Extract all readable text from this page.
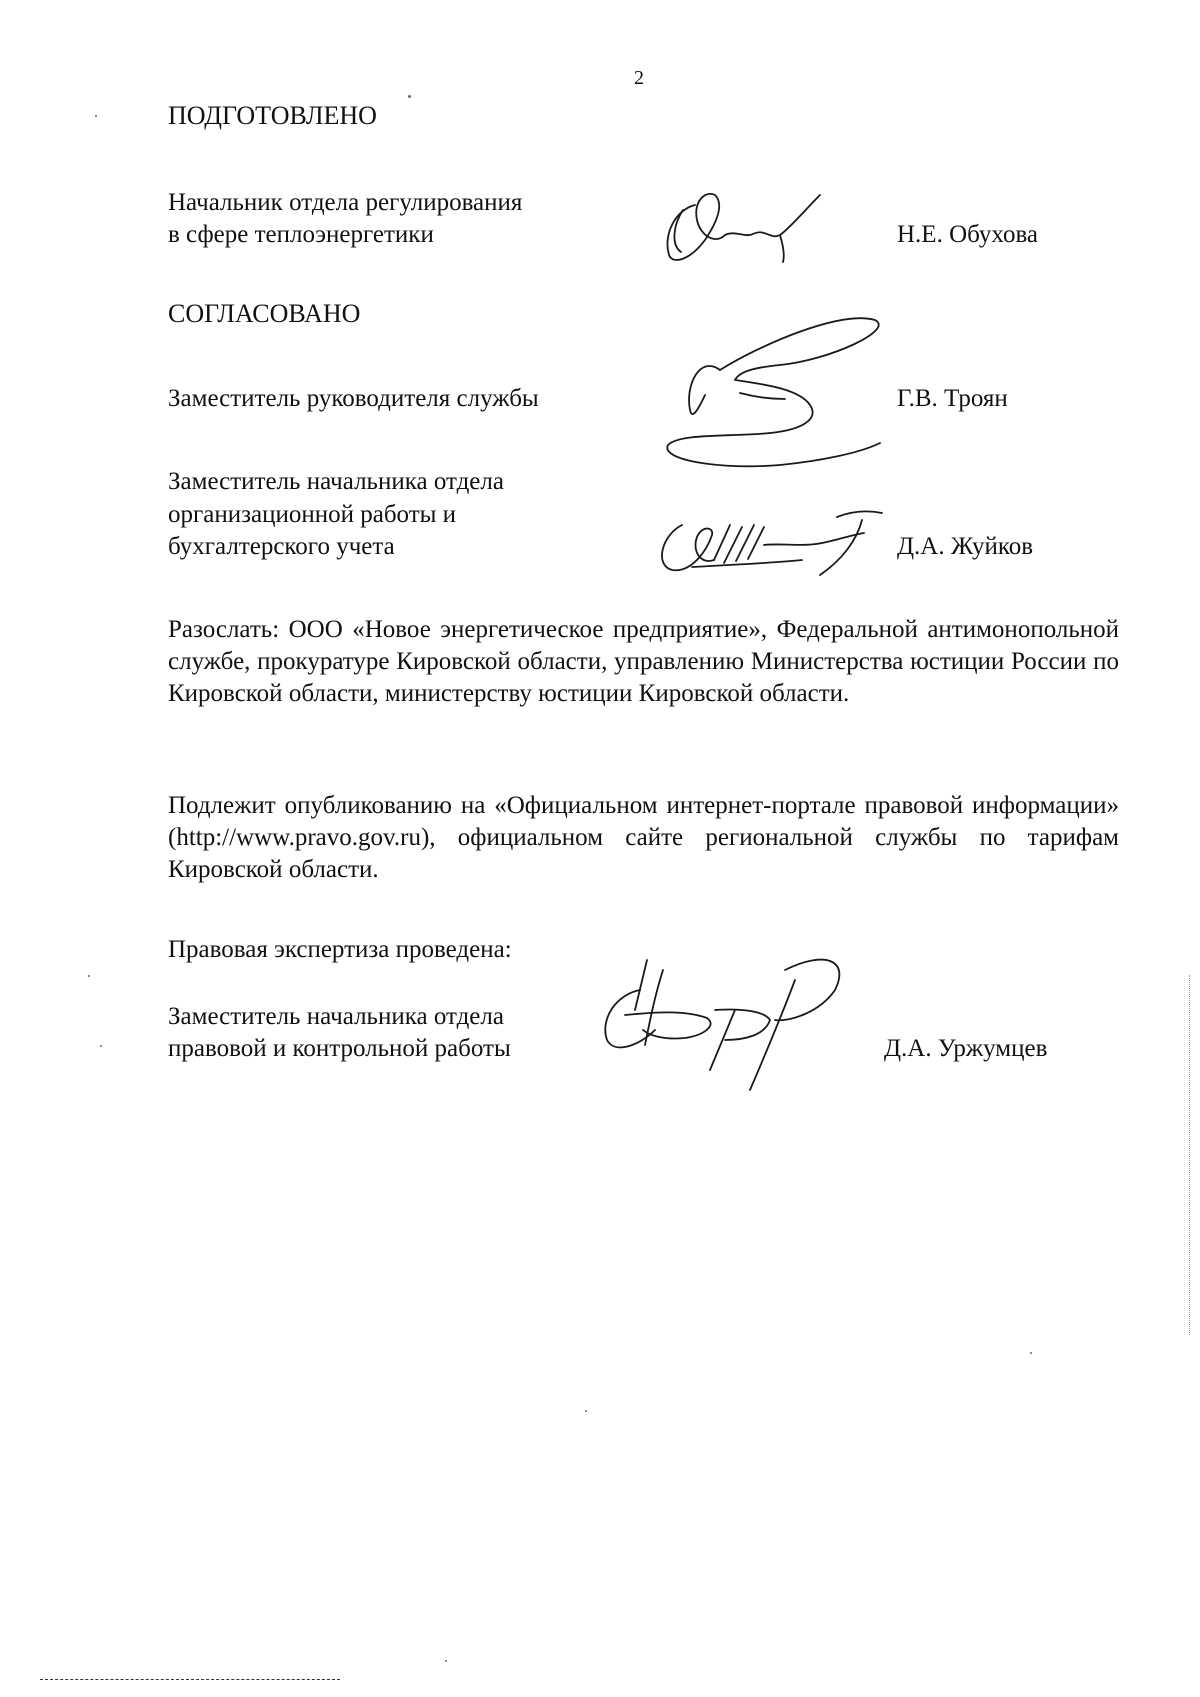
2
ПОДГОТОВЛЕНО
Начальник отдела регулирования
в сфере теплоэнергетики	Н.Е. Обухова
СОГЛАСОВАНО
Заместитель руководителя службы	Г.В. Троян
Заместитель начальника отдела
организационной работы и
бухгалтерского учета	Д.А. Жуйков
Разослать: ООО «Новое энергетическое предприятие», Федеральной антимонопольной службе, прокуратуре Кировской области, управлению Министерства юстиции России по Кировской области, министерству юстиции Кировской области.
Подлежит опубликованию на «Официальном интернет-портале правовой информации» (http://www.pravo.gov.ru), официальном сайте региональной службы по тарифам Кировской области.
Правовая экспертиза проведена:
Заместитель начальника отдела
правовой и контрольной работы	Д.А. Уржумцев
